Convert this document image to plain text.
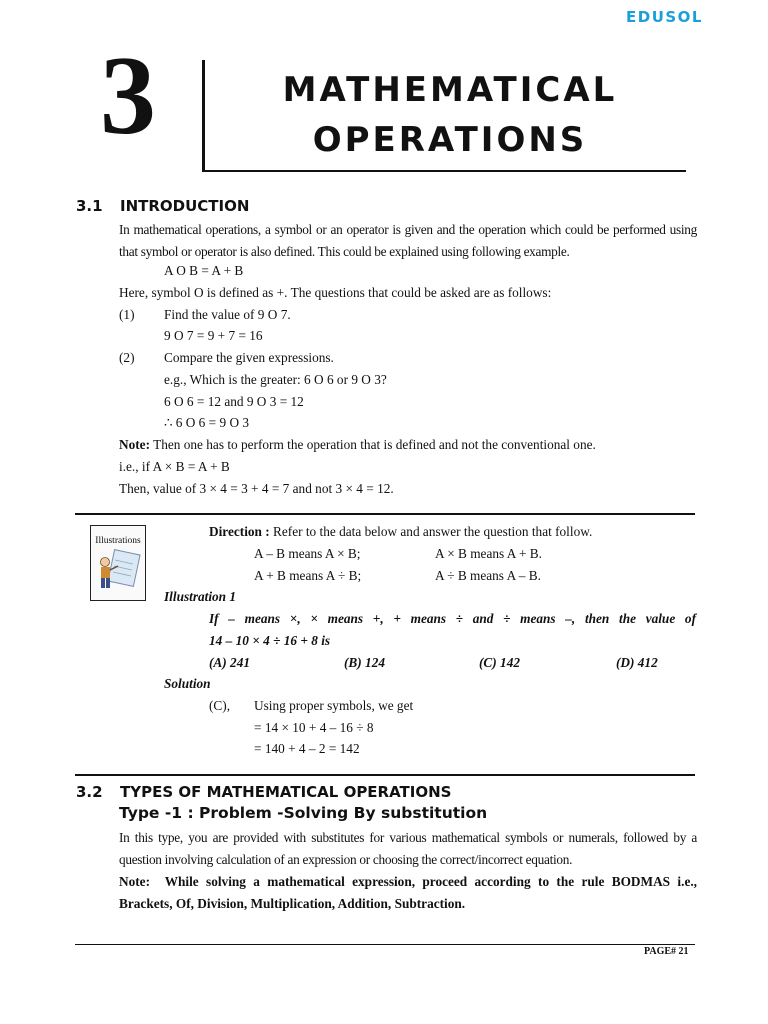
EDUSOL
3	MATHEMATICAL
OPERATIONS
3.1 INTRODUCTION
In mathematical operations, a symbol or an operator is given and the operation which could be performed using that symbol or operator is also defined. This could be explained using following example.
A O B = A + B
Here, symbol O is defined as +. The questions that could be asked are as follows:
(1) Find the value of 9 O 7.
9 O 7 = 9 + 7 = 16
(2) Compare the given expressions.
e.g., Which is the greater: 6 O 6 or 9 O 3?
6 O 6 = 12 and 9 O 3 = 12
∴ 6 O 6 = 9 O 3
Note: Then one has to perform the operation that is defined and not the conventional one.
i.e., if A × B = A + B
Then, value of 3 × 4 = 3 + 4 = 7 and not 3 × 4 = 12.
Illustrations
Direction : Refer to the data below and answer the question that follow.
A – B means A × B;	A × B means A + B.
A + B means A ÷ B;	A ÷ B means A – B.
Illustration 1
If – means ×, × means +, + means ÷ and ÷ means –, then the value of
14 – 10 × 4 ÷ 16 + 8 is
(A) 241	(B) 124	(C) 142	(D) 412
Solution
(C), Using proper symbols, we get
= 14 × 10 + 4 – 16 ÷ 8
= 140 + 4 – 2 = 142
3.2 TYPES OF MATHEMATICAL OPERATIONS
Type -1 : Problem -Solving By substitution
In this type, you are provided with substitutes for various mathematical symbols or numerals, followed by a question involving calculation of an expression or choosing the correct/incorrect equation.
Note: While solving a mathematical expression, proceed according to the rule BODMAS i.e., Brackets, Of, Division, Multiplication, Addition, Subtraction.
PAGE# 21
